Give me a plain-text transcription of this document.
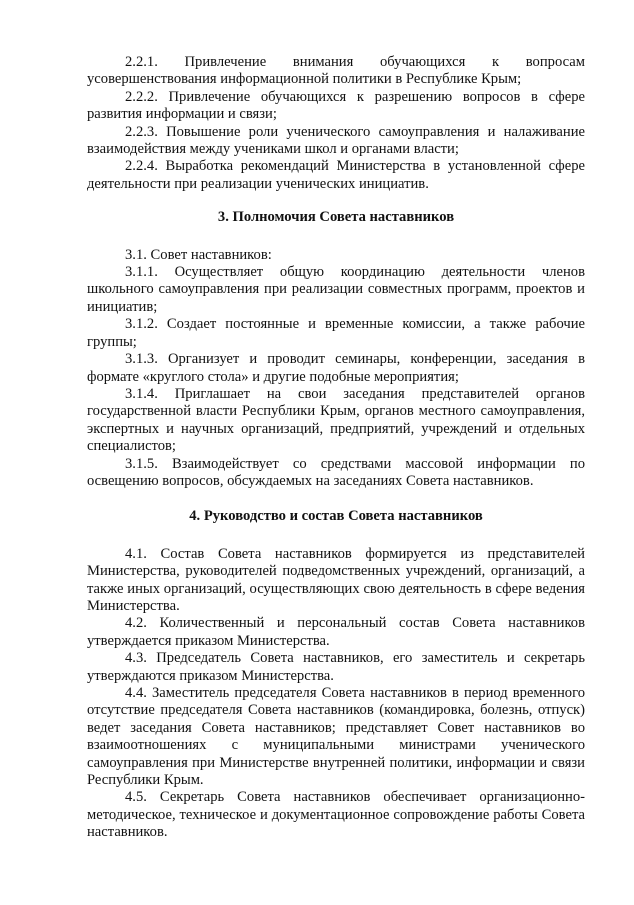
2.2.1. Привлечение внимания обучающихся к вопросам усовершенствования информационной политики в Республике Крым;

2.2.2. Привлечение обучающихся к разрешению вопросов в сфере развития информации и связи;

2.2.3. Повышение роли ученического самоуправления и налаживание взаимодействия между учениками школ и органами власти;

2.2.4. Выработка рекомендаций Министерства в установленной сфере деятельности при реализации ученических инициатив.

3. Полномочия Совета наставников

3.1. Совет наставников:

3.1.1. Осуществляет общую координацию деятельности членов школьного самоуправления при реализации совместных программ, проектов и инициатив;

3.1.2. Создает постоянные и временные комиссии, а также рабочие группы;

3.1.3. Организует и проводит семинары, конференции, заседания в формате «круглого стола» и другие подобные мероприятия;

3.1.4. Приглашает на свои заседания представителей органов государственной власти Республики Крым, органов местного самоуправления, экспертных и научных организаций, предприятий, учреждений и отдельных специалистов;

3.1.5. Взаимодействует со средствами массовой информации по освещению вопросов, обсуждаемых на заседаниях Совета наставников.

4. Руководство и состав Совета наставников

4.1. Состав Совета наставников формируется из представителей Министерства, руководителей подведомственных учреждений, организаций, а также иных организаций, осуществляющих свою деятельность в сфере ведения Министерства.

4.2. Количественный и персональный состав Совета наставников утверждается приказом Министерства.

4.3. Председатель Совета наставников, его заместитель и секретарь утверждаются приказом Министерства.

4.4. Заместитель председателя Совета наставников в период временного отсутствие председателя Совета наставников (командировка, болезнь, отпуск) ведет заседания Совета наставников; представляет Совет наставников во взаимоотношениях с муниципальными министрами ученического самоуправления при Министерстве внутренней политики, информации и связи Республики Крым.

4.5. Секретарь Совета наставников обеспечивает организационно-методическое, техническое и документационное сопровождение работы Совета наставников.
